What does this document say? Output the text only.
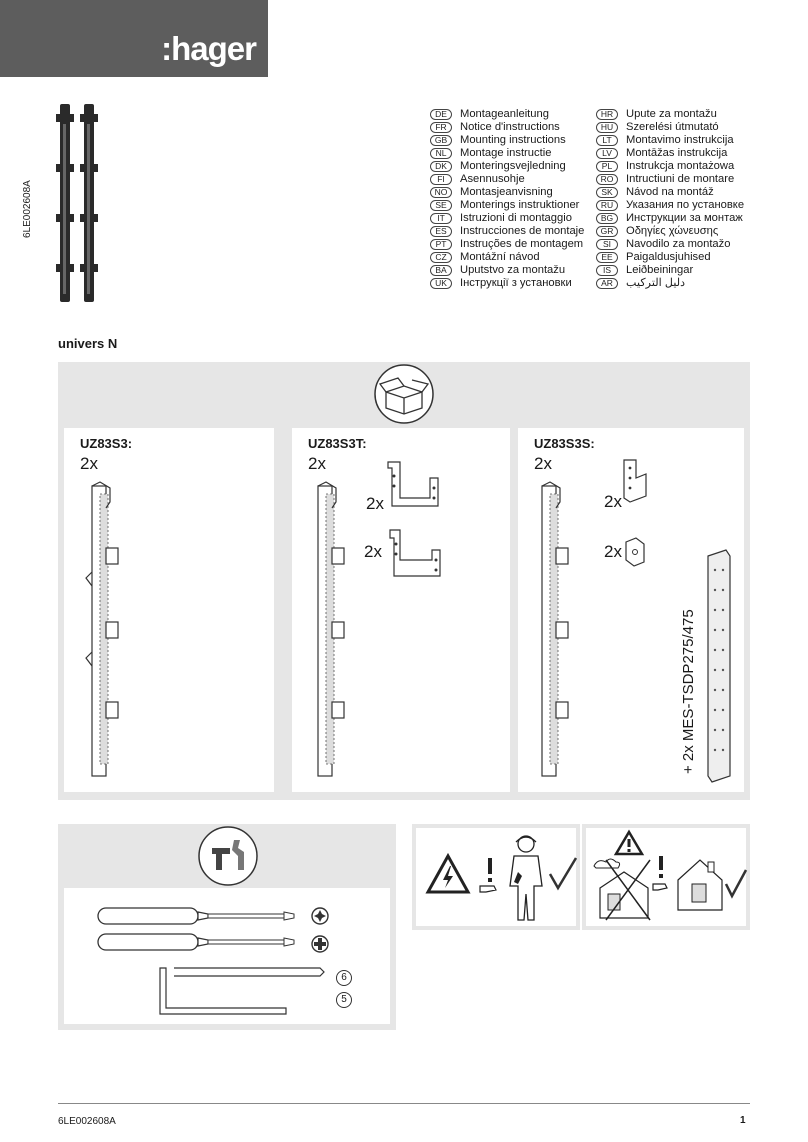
:hager
6LE002608A
DE	Montageanleitung
FR	Notice d'instructions
GB	Mounting instructions
NL	Montage instructie
DK	Monteringsvejledning
FI	Asennusohje
NO	Montasjeanvisning
SE	Monterings instruktioner
IT	Istruzioni di montaggio
ES	Instrucciones de montaje
PT	Instruções de montagem
CZ	Montážní návod
BA	Uputstvo za montažu
UK	Інструкції з установки
HR	Upute za montažu
HU	Szerelési útmutató
LT	Montavimo instrukcija
LV	Montāžas instrukcija
PL	Instrukcja montażowa
RO	Intructiuni de montare
SK	Návod na montáž
RU	Указания по установке
BG	Инструкции за монтаж
GR	Οδηγίες χώνευσης
SI	Navodilo za montažo
EE	Paigaldusjuhised
IS	Leiðbeiningar
AR	دليل التركيب
univers N
UZ83S3:
2x
UZ83S3T:
2x
2x
2x
UZ83S3S:
2x
2x
2x
+ 2x MES-TSDP275/475
6
5
6LE002608A	1
